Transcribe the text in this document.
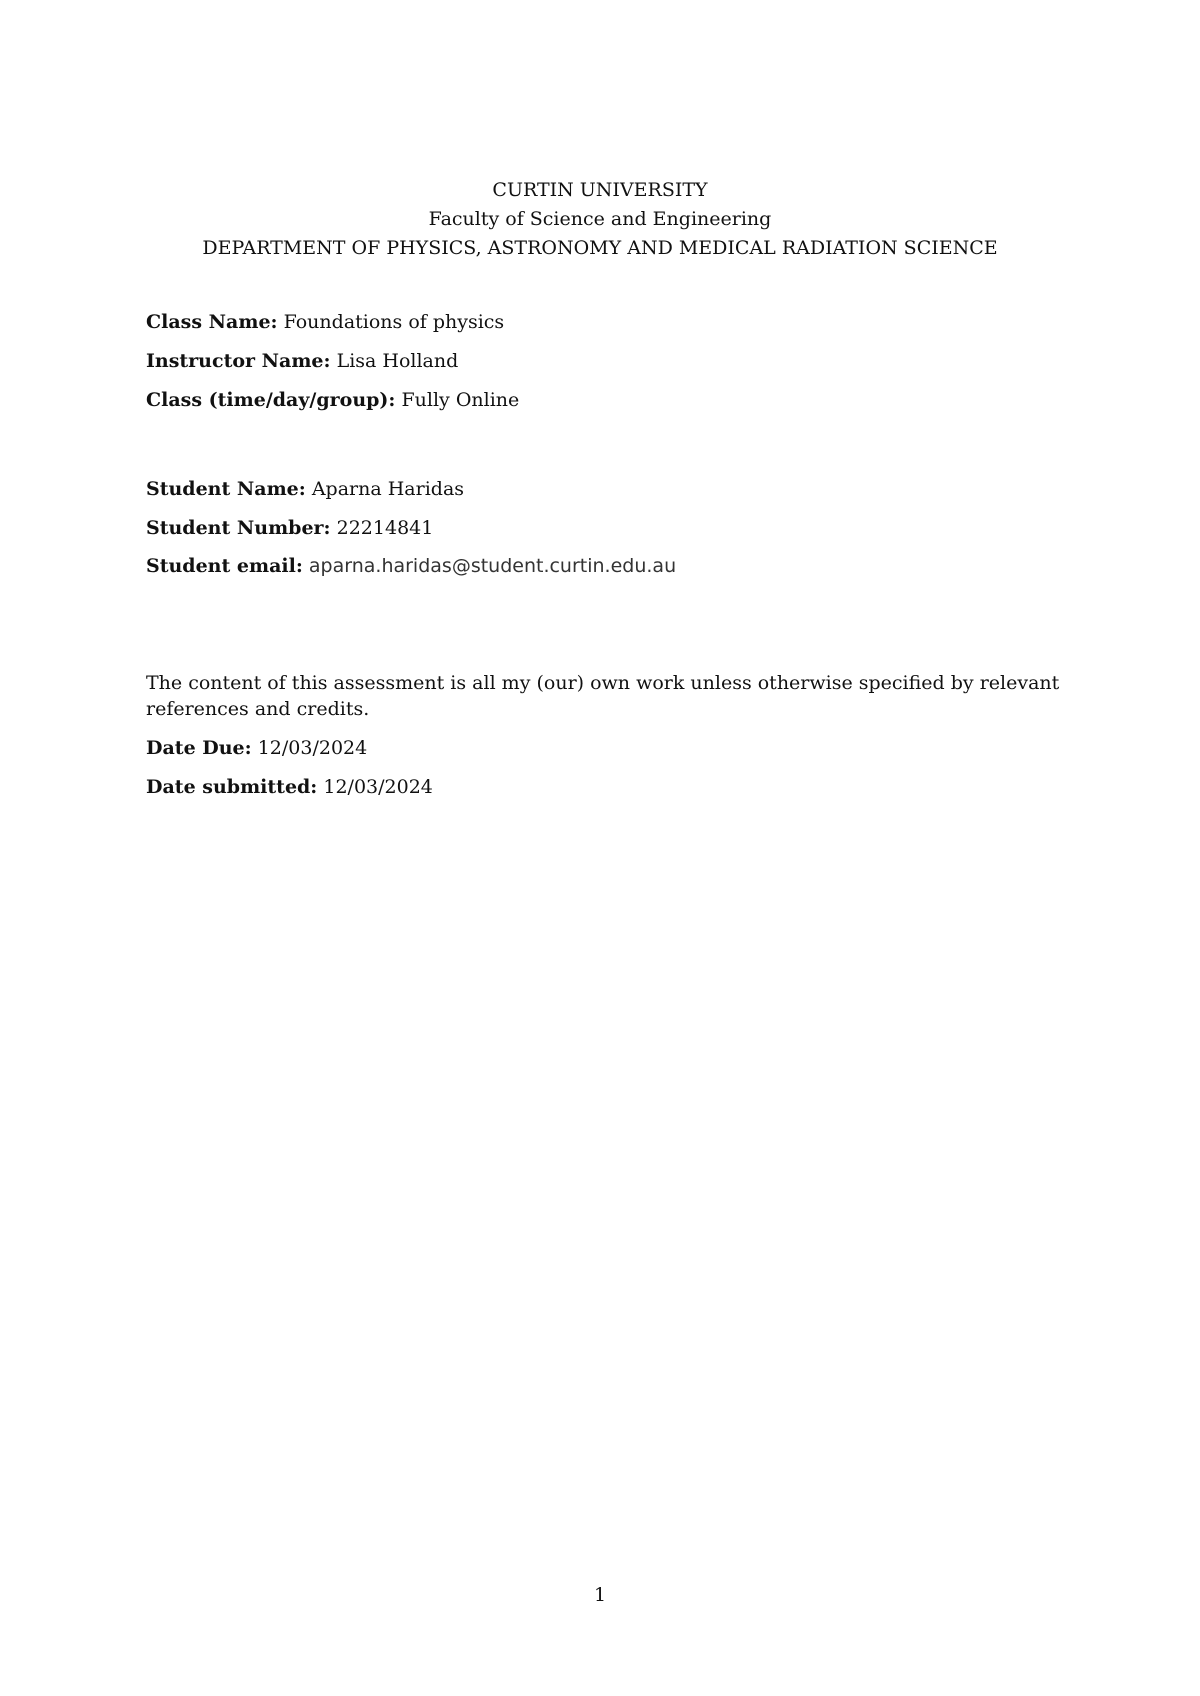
CURTIN UNIVERSITY
Faculty of Science and Engineering
DEPARTMENT OF PHYSICS, ASTRONOMY AND MEDICAL RADIATION SCIENCE
Class Name: Foundations of physics
Instructor Name: Lisa Holland
Class (time/day/group): Fully Online
Student Name: Aparna Haridas
Student Number: 22214841
Student email: aparna.haridas@student.curtin.edu.au
The content of this assessment is all my (our) own work unless otherwise specified by relevant references and credits.
Date Due: 12/03/2024
Date submitted: 12/03/2024
1
